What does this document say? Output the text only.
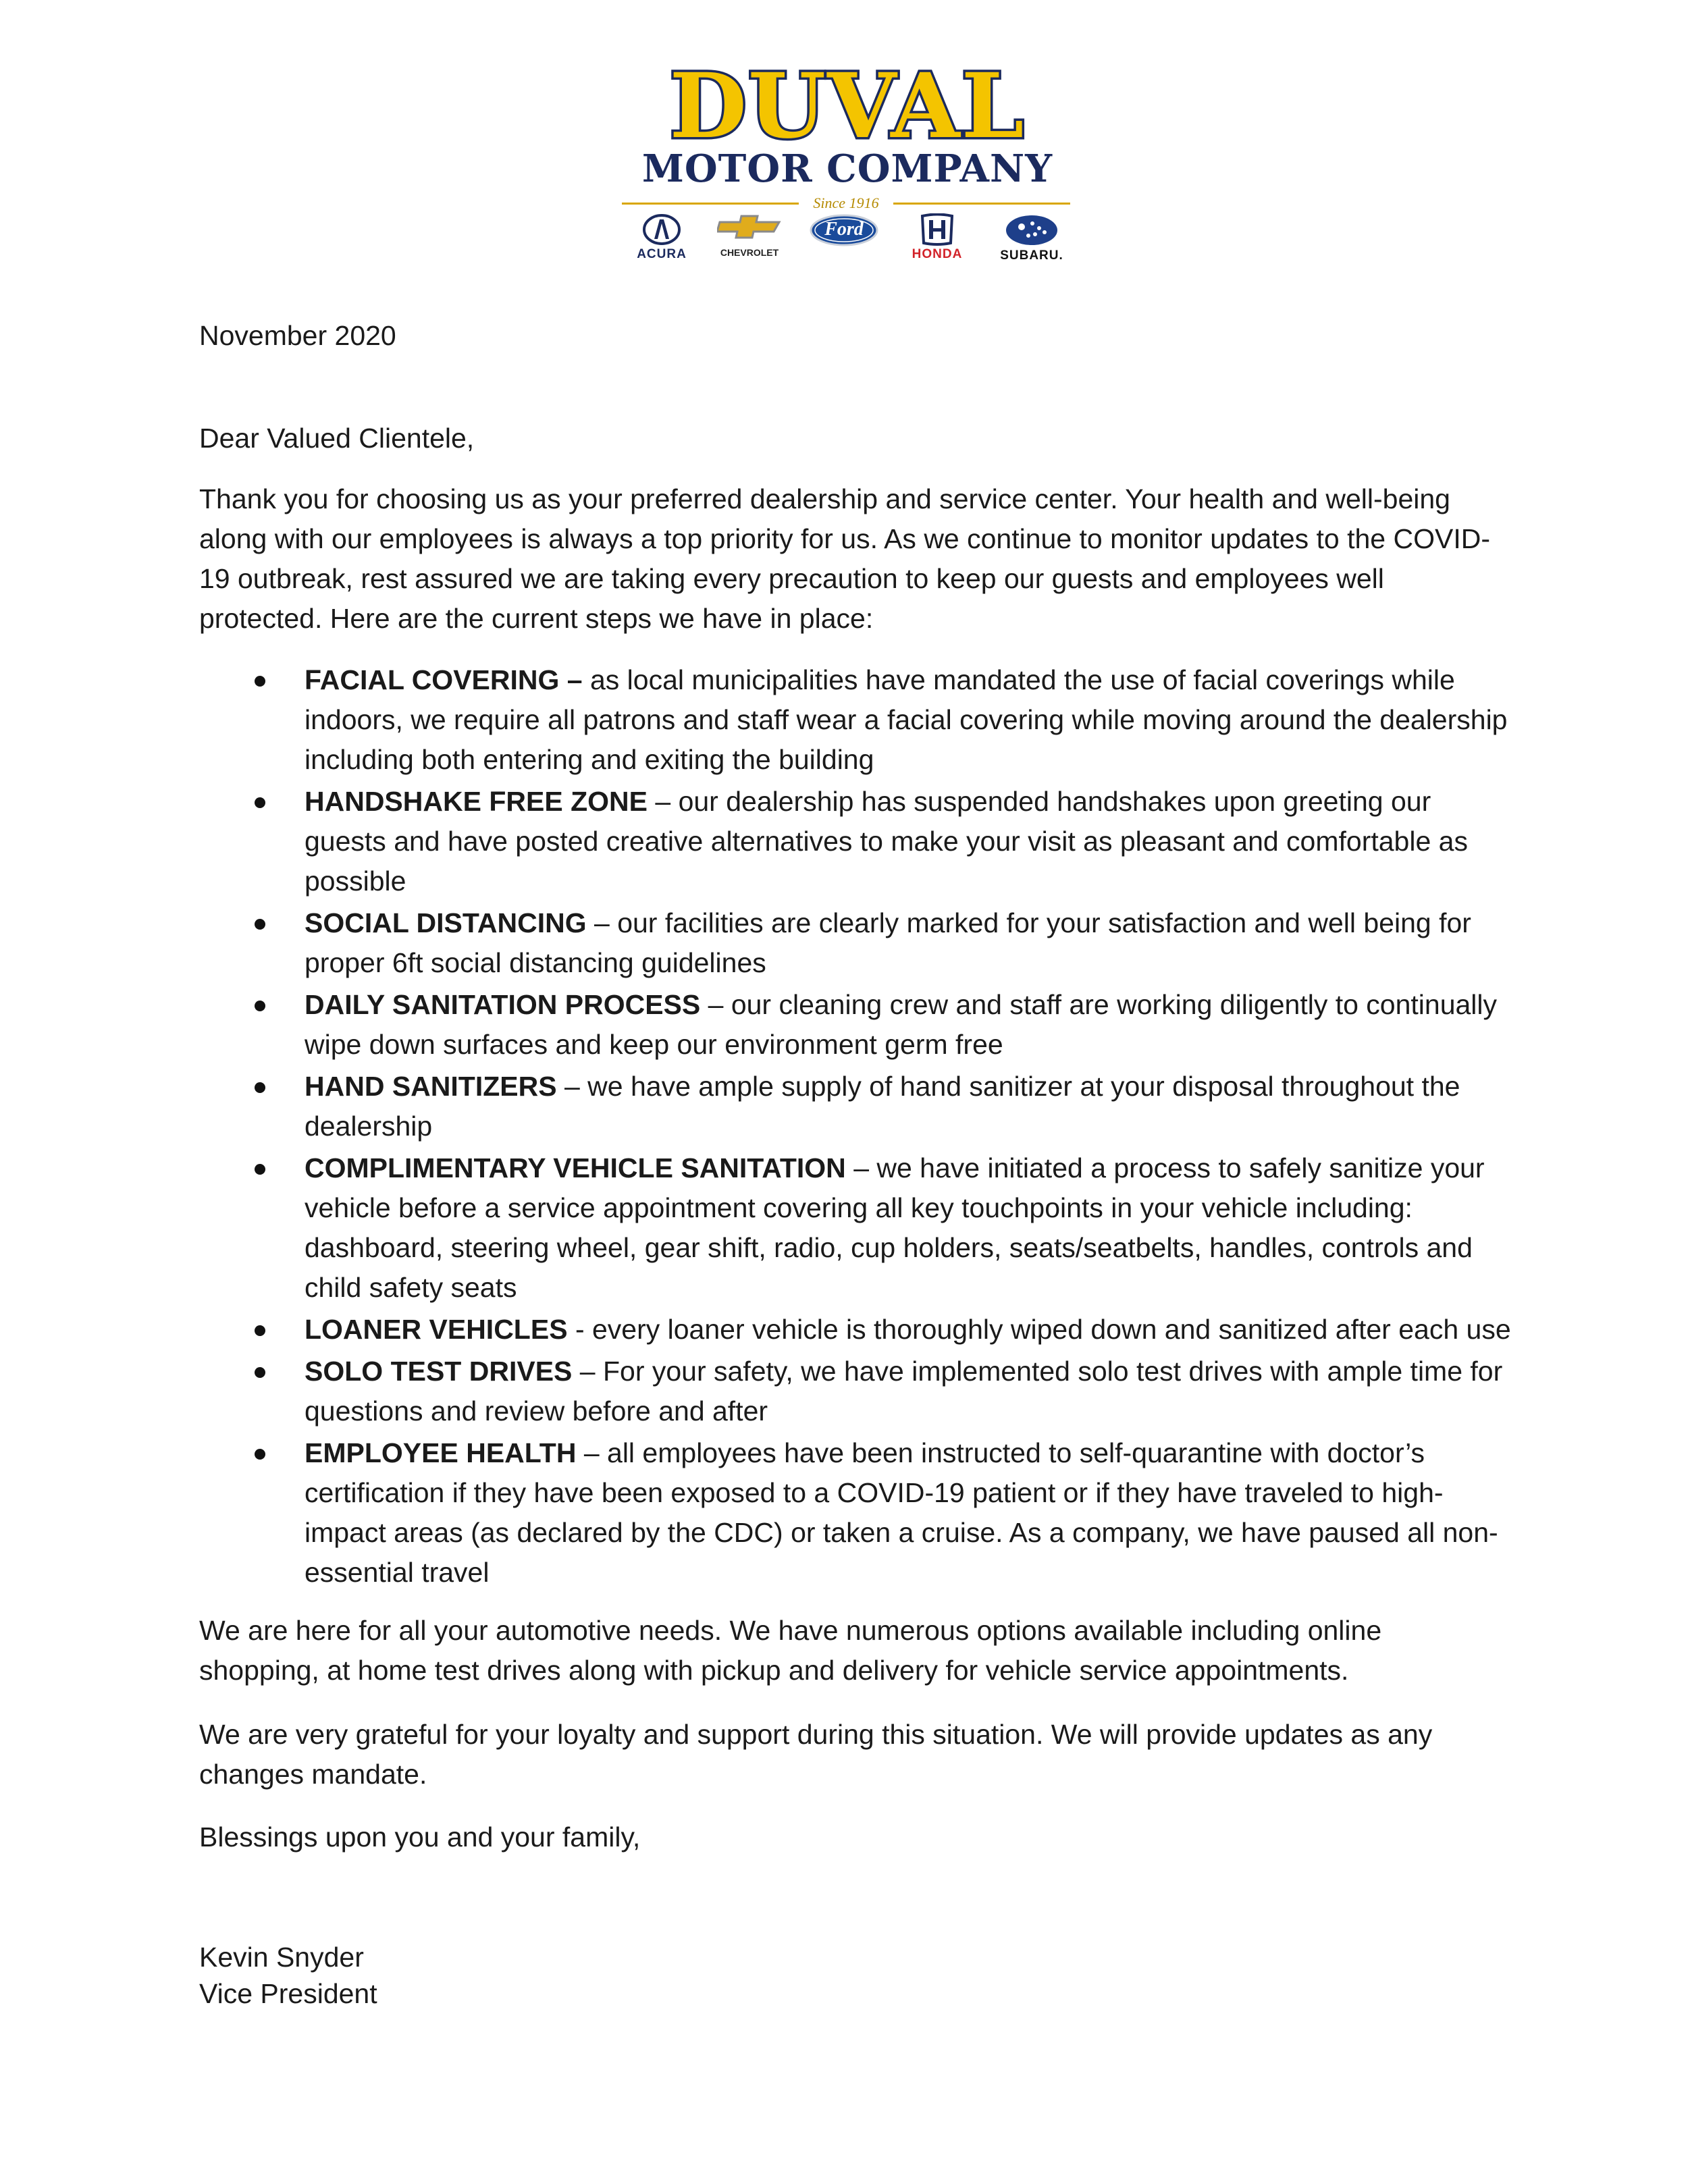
DUVAL
MOTOR COMPANY
Since 1916
ACURA	CHEVROLET
Ford
HONDA	SUBARU.
November 2020
Dear Valued Clientele,
Thank you for choosing us as your preferred dealership and service center. Your health and well-being along with our employees is always a top priority for us. As we continue to monitor updates to the COVID-19 outbreak, rest assured we are taking every precaution to keep our guests and employees well protected. Here are the current steps we have in place:
FACIAL COVERING – as local municipalities have mandated the use of facial coverings while indoors, we require all patrons and staff wear a facial covering while moving around the dealership including both entering and exiting the building
HANDSHAKE FREE ZONE – our dealership has suspended handshakes upon greeting our guests and have posted creative alternatives to make your visit as pleasant and comfortable as possible
SOCIAL DISTANCING – our facilities are clearly marked for your satisfaction and well being for proper 6ft social distancing guidelines
DAILY SANITATION PROCESS – our cleaning crew and staff are working diligently to continually wipe down surfaces and keep our environment germ free
HAND SANITIZERS – we have ample supply of hand sanitizer at your disposal throughout the dealership
COMPLIMENTARY VEHICLE SANITATION – we have initiated a process to safely sanitize your vehicle before a service appointment covering all key touchpoints in your vehicle including: dashboard, steering wheel, gear shift, radio, cup holders, seats/seatbelts, handles, controls and child safety seats
LOANER VEHICLES - every loaner vehicle is thoroughly wiped down and sanitized after each use
SOLO TEST DRIVES – For your safety, we have implemented solo test drives with ample time for questions and review before and after
EMPLOYEE HEALTH – all employees have been instructed to self-quarantine with doctor’s certification if they have been exposed to a COVID-19 patient or if they have traveled to high-impact areas (as declared by the CDC) or taken a cruise. As a company, we have paused all non-essential travel
We are here for all your automotive needs. We have numerous options available including online shopping, at home test drives along with pickup and delivery for vehicle service appointments.
We are very grateful for your loyalty and support during this situation. We will provide updates as any changes mandate.
Blessings upon you and your family,
Kevin Snyder
Vice President
